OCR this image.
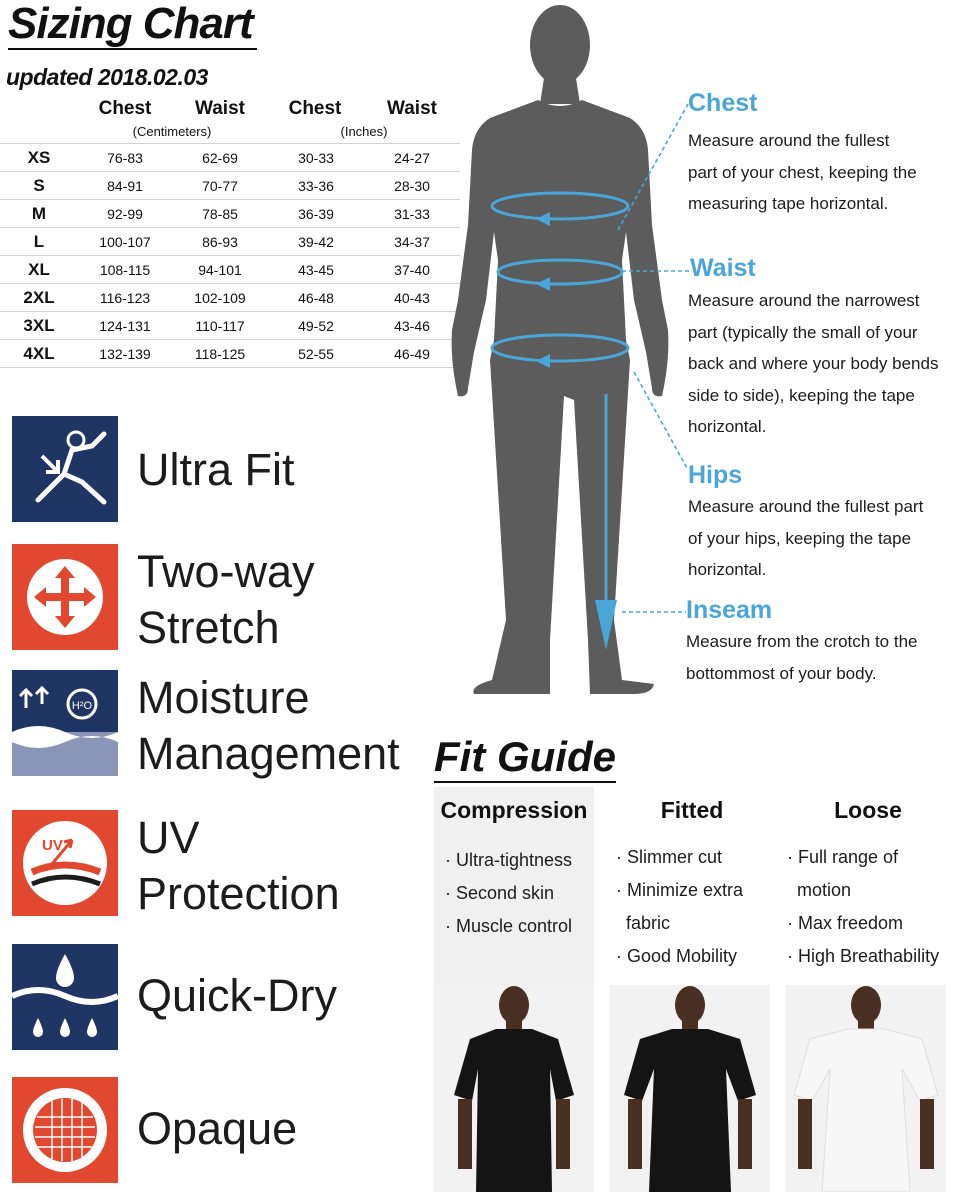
Sizing Chart
updated 2018.02.03
Chest	Waist	Chest	Waist
(Centimeters)	(Inches)
XS	76-83	62-69	30-33	24-27
S	84-91	70-77	33-36	28-30
M	92-99	78-85	36-39	31-33
L	100-107	86-93	39-42	34-37
XL	108-115	94-101	43-45	37-40
2XL	116-123	102-109	46-48	40-43
3XL	124-131	110-117	49-52	43-46
4XL	132-139	118-125	52-55	46-49
Ultra Fit
Two-way
Stretch
H²O Moisture
Management
UV UV
Protection
Quick-Dry
Opaque
Chest
Measure around the fullest
part of your chest, keeping the
measuring tape horizontal.
Waist
Measure around the narrowest
part (typically the small of your
back and where your body bends
side to side), keeping the tape
horizontal.
Hips
Measure around the fullest part
of your hips, keeping the tape
horizontal.
Inseam
Measure from the crotch to the
bottommost of your body.
Fit Guide
Compression	Fitted	Loose
· Ultra-tightness
· Second skin
· Muscle control
· Slimmer cut
· Minimize extra
fabric
· Good Mobility
· Full range of
motion
· Max freedom
· High Breathability
